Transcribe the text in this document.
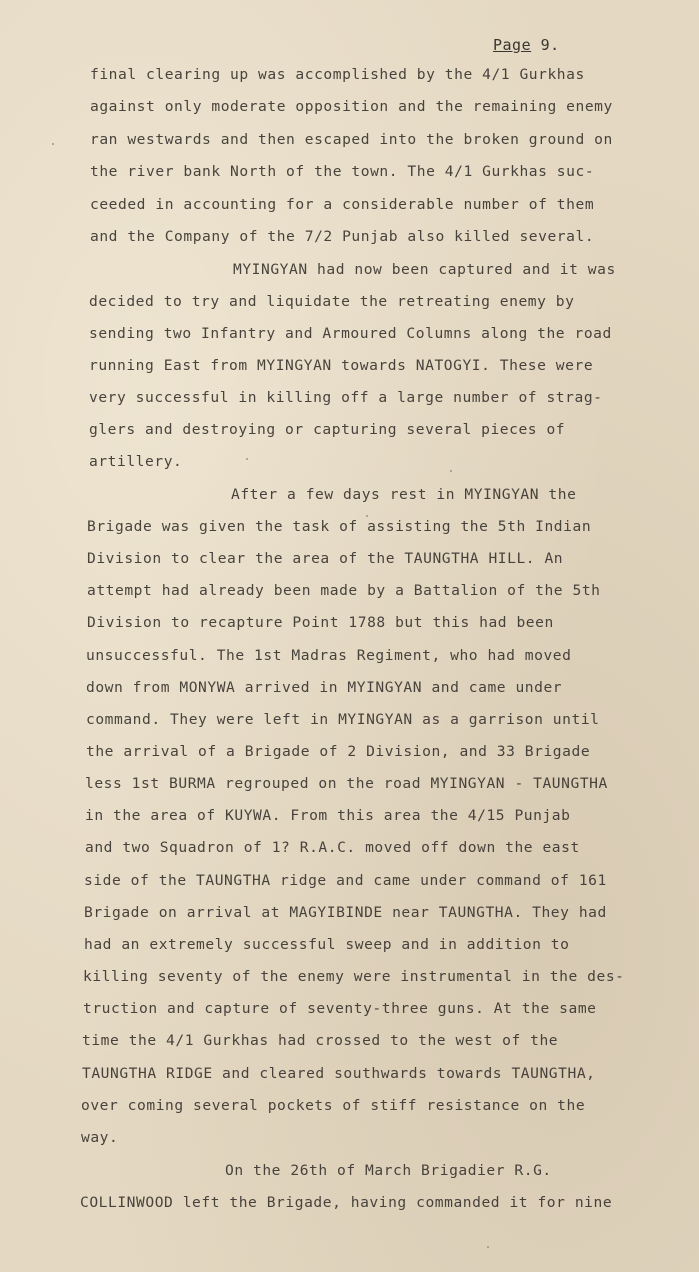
Page 9.
final clearing up was accomplished by the 4/1 Gurkhas
against only moderate opposition and the remaining enemy
ran westwards and then escaped into the broken ground on
the river bank North of the town. The 4/1 Gurkhas suc-
ceeded in accounting for a considerable number of them
and the Company of the 7/2 Punjab also killed several.
MYINGYAN had now been captured and it was
decided to try and liquidate the retreating enemy by
sending two Infantry and Armoured Columns along the road
running East from MYINGYAN towards NATOGYI. These were
very successful in killing off a large number of strag-
glers and destroying or capturing several pieces of
artillery.
After a few days rest in MYINGYAN the
Brigade was given the task of assisting the 5th Indian
Division to clear the area of the TAUNGTHA HILL. An
attempt had already been made by a Battalion of the 5th
Division to recapture Point 1788 but this had been
unsuccessful. The 1st Madras Regiment, who had moved
down from MONYWA arrived in MYINGYAN and came under
command. They were left in MYINGYAN as a garrison until
the arrival of a Brigade of 2 Division, and 33 Brigade
less 1st BURMA regrouped on the road MYINGYAN - TAUNGTHA
in the area of KUYWA. From this area the 4/15 Punjab
and two Squadron of 1? R.A.C. moved off down the east
side of the TAUNGTHA ridge and came under command of 161
Brigade on arrival at MAGYIBINDE near TAUNGTHA. They had
had an extremely successful sweep and in addition to
killing seventy of the enemy were instrumental in the des-
truction and capture of seventy-three guns. At the same
time the 4/1 Gurkhas had crossed to the west of the
TAUNGTHA RIDGE and cleared southwards towards TAUNGTHA,
over coming several pockets of stiff resistance on the
way.
On the 26th of March Brigadier R.G.
COLLINWOOD left the Brigade, having commanded it for nine
